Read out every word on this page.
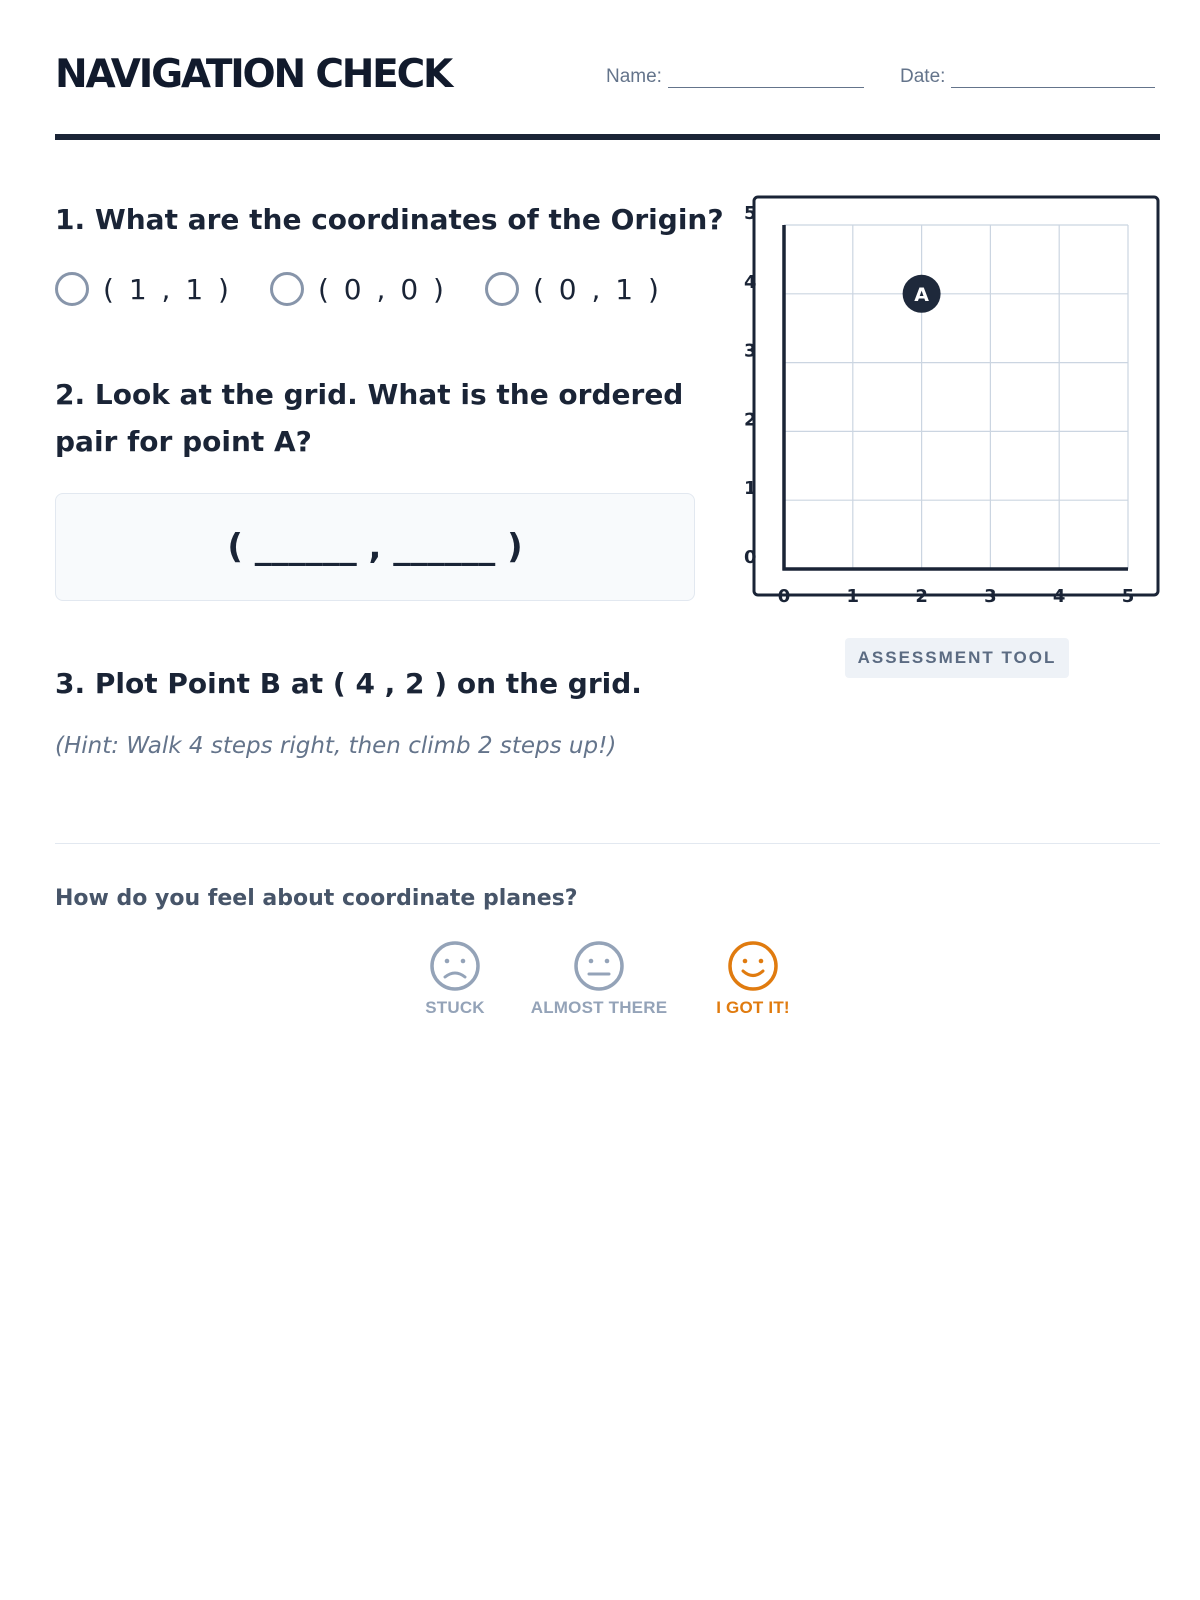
NAVIGATION CHECK	Name:	Date:
1. What are the coordinates of the Origin?
( 1 , 1 )	( 0 , 0 )	( 0 , 1 )
2. Look at the grid. What is the ordered pair for point A?
( ______ , ______ )
3. Plot Point B at ( 4 , 2 ) on the grid.
(Hint: Walk 4 steps right, then climb 2 steps up!)
How do you feel about coordinate planes?
STUCK	ALMOST THERE	I GOT IT!
0	1	2	3	4	5
0
1
2
3
4
5
A
ASSESSMENT TOOL
